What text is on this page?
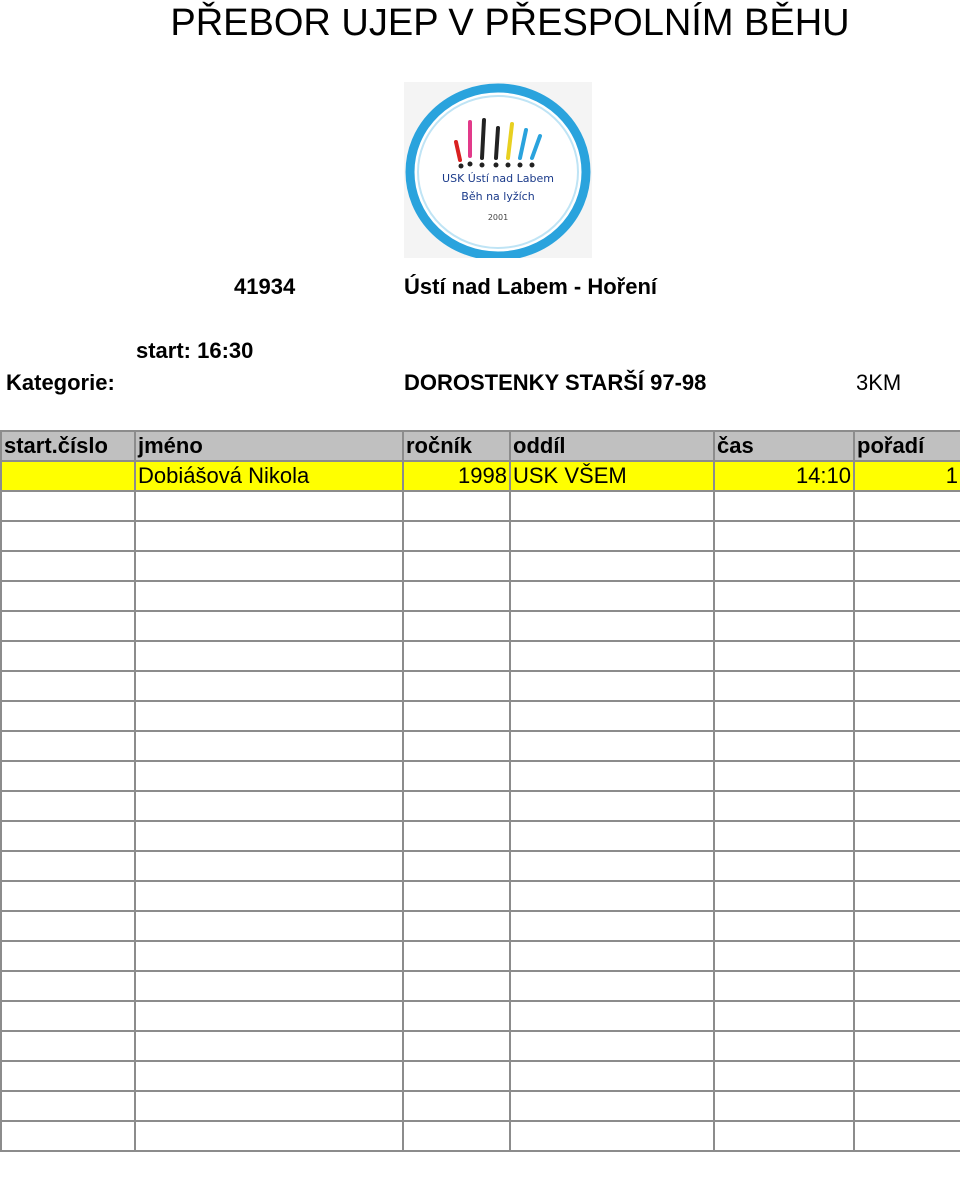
PŘEBOR UJEP V PŘESPOLNÍM BĚHU
USK Ústí nad Labem
Běh na lyžích
2001
41934	Ústí nad Labem - Hoření
start: 16:30
Kategorie:	DOROSTENKY STARŠÍ 97-98	3KM
start.číslo	jméno	ročník	oddíl	čas	pořadí
	Dobiášová Nikola	1998	USK VŠEM	14:10	1
